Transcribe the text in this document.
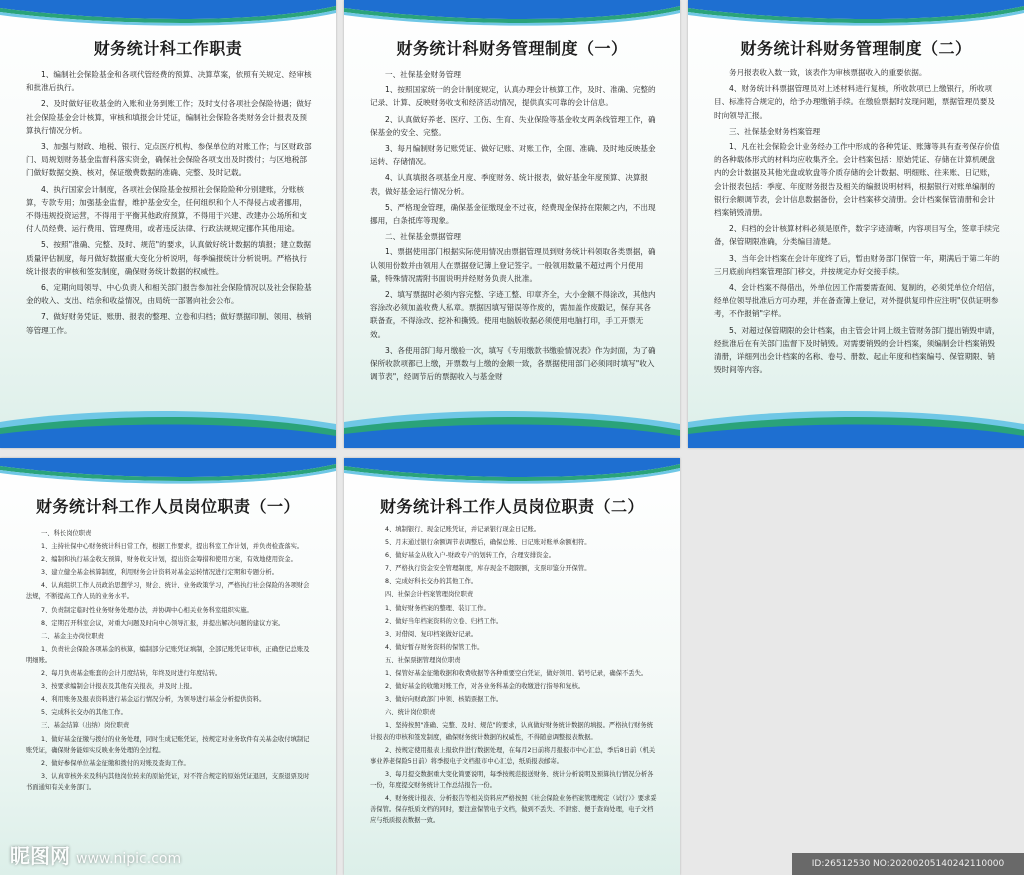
财务统计科工作职责

1、编制社会保险基金和各项代管经费的预算、决算草案，依照有关规定、经审核和批准后执行。

2、及时做好征收基金的入账和业务到账工作；及时支付各项社会保险待遇；做好社会保险基金会计核算，审核和填报会计凭证，编制社会保险各类财务会计报表及预算执行情况分析。

3、加强与财政、地税、银行、定点医疗机构、参保单位的对账工作；与区财政部门、局规划财务基金监督科落实资金，确保社会保险各项支出及时拨付；与区地税部门做好数据交换、核对，保证缴费数据的准确、完整、及时记载。

4、执行国家会计制度，各项社会保险基金按照社会保险险种分别建账，分账核算，专款专用；加强基金监督，维护基金安全，任何组织和个人不得侵占或者挪用，不得违规投资运营，不得用于平衡其他政府预算，不得用于兴建、改建办公场所和支付人员经费、运行费用、管理费用，或者违反法律、行政法规规定挪作其他用途。

5、按照"准确、完整、及时、规范"的要求，认真做好统计数据的填报；建立数据质量评估制度，每月做好数据重大变化分析说明，每季编报统计分析说明。严格执行统计报表的审核和签发制度，确保财务统计数据的权威性。

6、定期向局领导、中心负责人和相关部门报告参加社会保险情况以及社会保险基金的收入、支出、结余和收益情况，由局统一部署向社会公布。

7、做好财务凭证、账册、报表的整理、立卷和归档；做好票据印制、领用、核销等管理工作。

财务统计科财务管理制度（一）

一、社保基金财务管理

1、按照国家统一的会计制度规定，认真办理会计核算工作，及时、准确、完整的记录、计算、反映财务收支和经济活动情况，提供真实可靠的会计信息。

2、认真做好养老、医疗、工伤、生育、失业保险等基金收支两条线管理工作，确保基金的安全、完整。

3、每月编制财务记账凭证、做好记账、对账工作，全面、准确、及时地反映基金运转、存储情况。

4、认真填报各项基金月度、季度财务、统计报表，做好基金年度预算、决算报表，做好基金运行情况分析。

5、严格现金管理，确保基金征缴现金不过夜，经费现金保持在限额之内，不出现挪用，白条抵库等现象。

二、社保基金票据管理

1、票据使用部门根据实际使用情况由票据管理员到财务统计科领取各类票据，确认领用份数并由领用人在票据登记簿上登记签字。一般领用数量不超过两个月使用量，特殊情况需附书面说明并经财务负责人批准。

2、填写票据时必须内容完整、字迹工整、印章齐全，大小金额不得涂改，其他内容涂改必须加盖收费人私章。票据因填写错误等作废的，需加盖作废戳记，保存其各联备查，不得涂改、挖补和撕毁。使用电脑版收据必须使用电脑打印，手工开票无效。

3、各使用部门每月缴验一次，填写《专用缴款书缴验情况表》作为封面，为了确保所收款项都已上缴，开票数与上缴的金额一致，各票据使用部门必须同时填写"收入调节表"，经调节后的票据收入与基金财

财务统计科财务管理制度（二）

务月报表收入数一致，该表作为审核票据收入的重要依据。

4、财务统计科票据管理员对上述材料进行复核，所收款项已上缴银行，所收项目、标准符合规定的，给予办理缴销手续。在缴验票据时发现问题，票据管理员要及时向领导汇报。

三、社保基金财务档案管理

1、凡在社会保险会计业务经办工作中形成的各种凭证、账簿等具有查考保存价值的各种载体形式的材料均应收集齐全。会计档案包括：原始凭证、存储在计算机硬盘内的会计数据及其他光盘或软盘等介质存储的会计数据、明细账、往来账、日记账，会计报表包括：季度、年度财务报告及相关的编报说明材料，根据银行对账单编制的银行余额调节表，会计信息数据备份，会计档案移交清册。会计档案保管清册和会计档案销毁清册。

2、归档的会计核算材料必须是原件，数字字迹清晰，内容项目写全，签章手续完备，保管期限准确，分类编目清楚。

3、当年会计档案在会计年度终了后，暂由财务部门保管一年，期满后于第二年的三月底前向档案管理部门移交，并按规定办好交接手续。

4、会计档案不得借出，外单位因工作需要需查阅、复制的，必须凭单位介绍信，经单位领导批准后方可办理，并在备查簿上登记，对外提供复印件应注明"仅供证明参考，不作报销"字样。

5、对超过保管期限的会计档案，由主管会计同上级主管财务部门提出销毁申请，经批准后在有关部门监督下及时销毁。对需要销毁的会计档案，须编制会计档案销毁清册，详细列出会计档案的名称、卷号、册数、起止年度和档案编号、保管期限、销毁时间等内容。

财务统计科工作人员岗位职责（一）

一、科长岗位职责

1、主持社保中心财务统计科日常工作，根据工作要求，提出科室工作计划，并负责检查落实。

2、编制和执行基金收支预算，财务收支计划，提出资金筹措和使用方案，有效地使用资金。

3、建立健全基金核算制度，利用财务会计资料对基金运转情况进行定期和专题分析。

4、认真组织工作人员政治思想学习，财会、统计、业务政策学习，严格执行社会保险的各项财会法规，不断提高工作人员的业务水平。

7、负责制定临时性业务财务处理办法，并协调中心相关业务科室组织实施。

8、定期召开科室会议，对重大问题及时向中心领导汇报，并提出解决问题的建议方案。

二、基金主办岗位职责

1、负责社会保险各项基金的核算，编制部分记账凭证填制，全部记账凭证审核，正确登记总账及明细账。

2、每月负责基金账套的会计月度结转，年终及时进行年度结转。

3、按要求编制会计报表及其他有关报表，并及时上报。

4、利用账务及报表资料进行基金运行情况分析，为领导进行基金分析提供资料。

5、完成科长交办的其他工作。

三、基金结算（出纳）岗位职责

1、做好基金征缴与拨付的业务处理，同时生成记账凭证，按规定对业务软件有关基金收付填制记账凭证，确保财务能如实反映业务处理的全过程。

2、做好参保单位基金征缴和拨付的对账及查询工作。

3、认真审核外来及科内其他岗位转来的原始凭证，对不符合规定的原始凭证退回，支票退票及时书面通知有关业务部门。

财务统计科工作人员岗位职责（二）

4、填制银行、现金记账凭证，并记录银行现金日记账。

5、月末通过银行余额调节表调整后，确保总账、日记账对账单余额相符。

6、做好基金从收入户-财政专户的划转工作，合理安排资金。

7、严格执行资金安全管理制度，库存现金不超限额，支票印鉴分开保管。

8、完成好科长交办的其他工作。

四、社保会计档案管理岗位职责

1、做好财务档案的整理、装订工作。

2、做好当年档案资料的立卷、归档工作。

3、对借阅、复印档案做好记录。

4、做好暂存财务资料的保管工作。

五、社保票据管理岗位职责

1、保管好基金征缴收据和收费收据等各种重要空白凭证，做好领用、销号记录，确保不丢失。

2、做好基金的收缴对账工作，对各业务科基金的收缴进行指导和复核。

3、做好向财政部门申领、核销票据工作。

六、统计岗位职责

1、坚持按照"准确、完整、及时、规范"的要求，认真做好财务统计数据的填报。严格执行财务统计报表的审核和签发制度，确保财务统计数据的权威性，不得随意调整报表数据。

2、按规定使用报表上报软件进行数据处理，在每月2日前将月报报市中心汇总，季后8日前（机关事业养老保险5日前）将季报电子文档报市中心汇总，纸质报表邮寄。

3、每月提交数据重大变化简要说明，每季按规范报送财务、统计分析说明及预算执行情况分析各一份，年度提交财务统计工作总结报告一份。

4、财务统计报表、分析报告等相关资料应严格按照《社会保险业务档案管理规定（试行）》要求妥善保管。保存纸质文档的同时，要注意保管电子文档，做到不丢失、不泄密、便于查询处理，电子文档应与纸质报表数据一致。

昵图网 www.nipic.com	ID:26512530 NO:20200205140242110000
